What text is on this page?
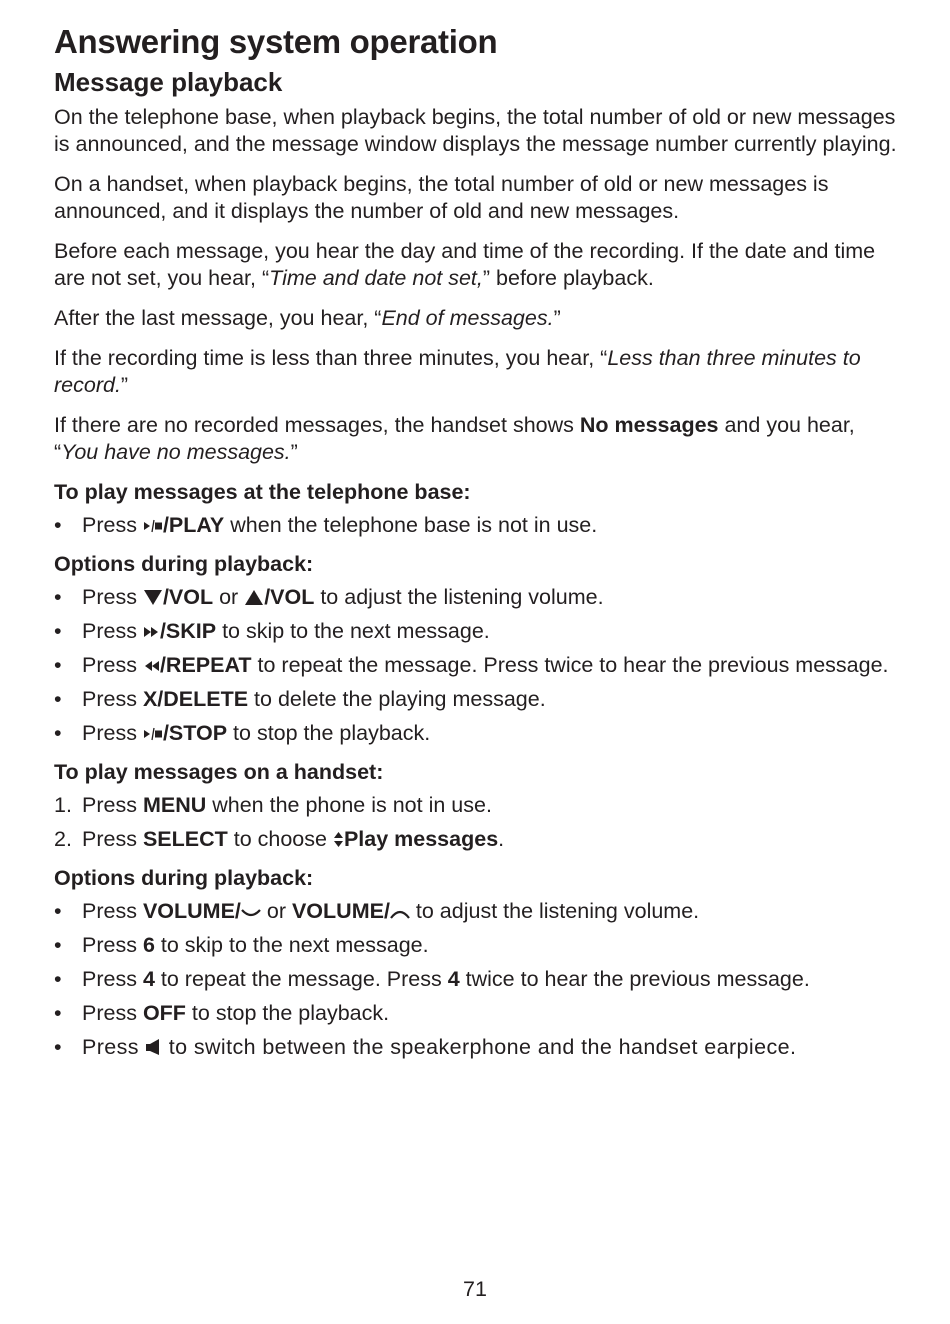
Answering system operation
Message playback

On the telephone base, when playback begins, the total number of old or new messages is announced, and the message window displays the message number currently playing.

On a handset, when playback begins, the total number of old or new messages is announced, and it displays the number of old and new messages.

Before each message, you hear the day and time of the recording. If the date and time are not set, you hear, “Time and date not set,” before playback.

After the last message, you hear, “End of messages.”

If the recording time is less than three minutes, you hear, “Less than three minutes to record.”

If there are no recorded messages, the handset shows No messages and you hear, “You have no messages.”

To play messages at the telephone base:
• Press /PLAY when the telephone base is not in use.
Options during playback:
• Press /VOL or /VOL to adjust the listening volume.
• Press /SKIP to skip to the next message.
• Press /REPEAT to repeat the message. Press twice to hear the previous message.
• Press X/DELETE to delete the playing message.
• Press /STOP to stop the playback.
To play messages on a handset:
1. Press MENU when the phone is not in use.
2. Press SELECT to choose Play messages.
Options during playback:
• Press VOLUME/ or VOLUME/ to adjust the listening volume.
• Press 6 to skip to the next message.
• Press 4 to repeat the message. Press 4 twice to hear the previous message.
• Press OFF to stop the playback.
• Press  to switch between the speakerphone and the handset earpiece.
71
